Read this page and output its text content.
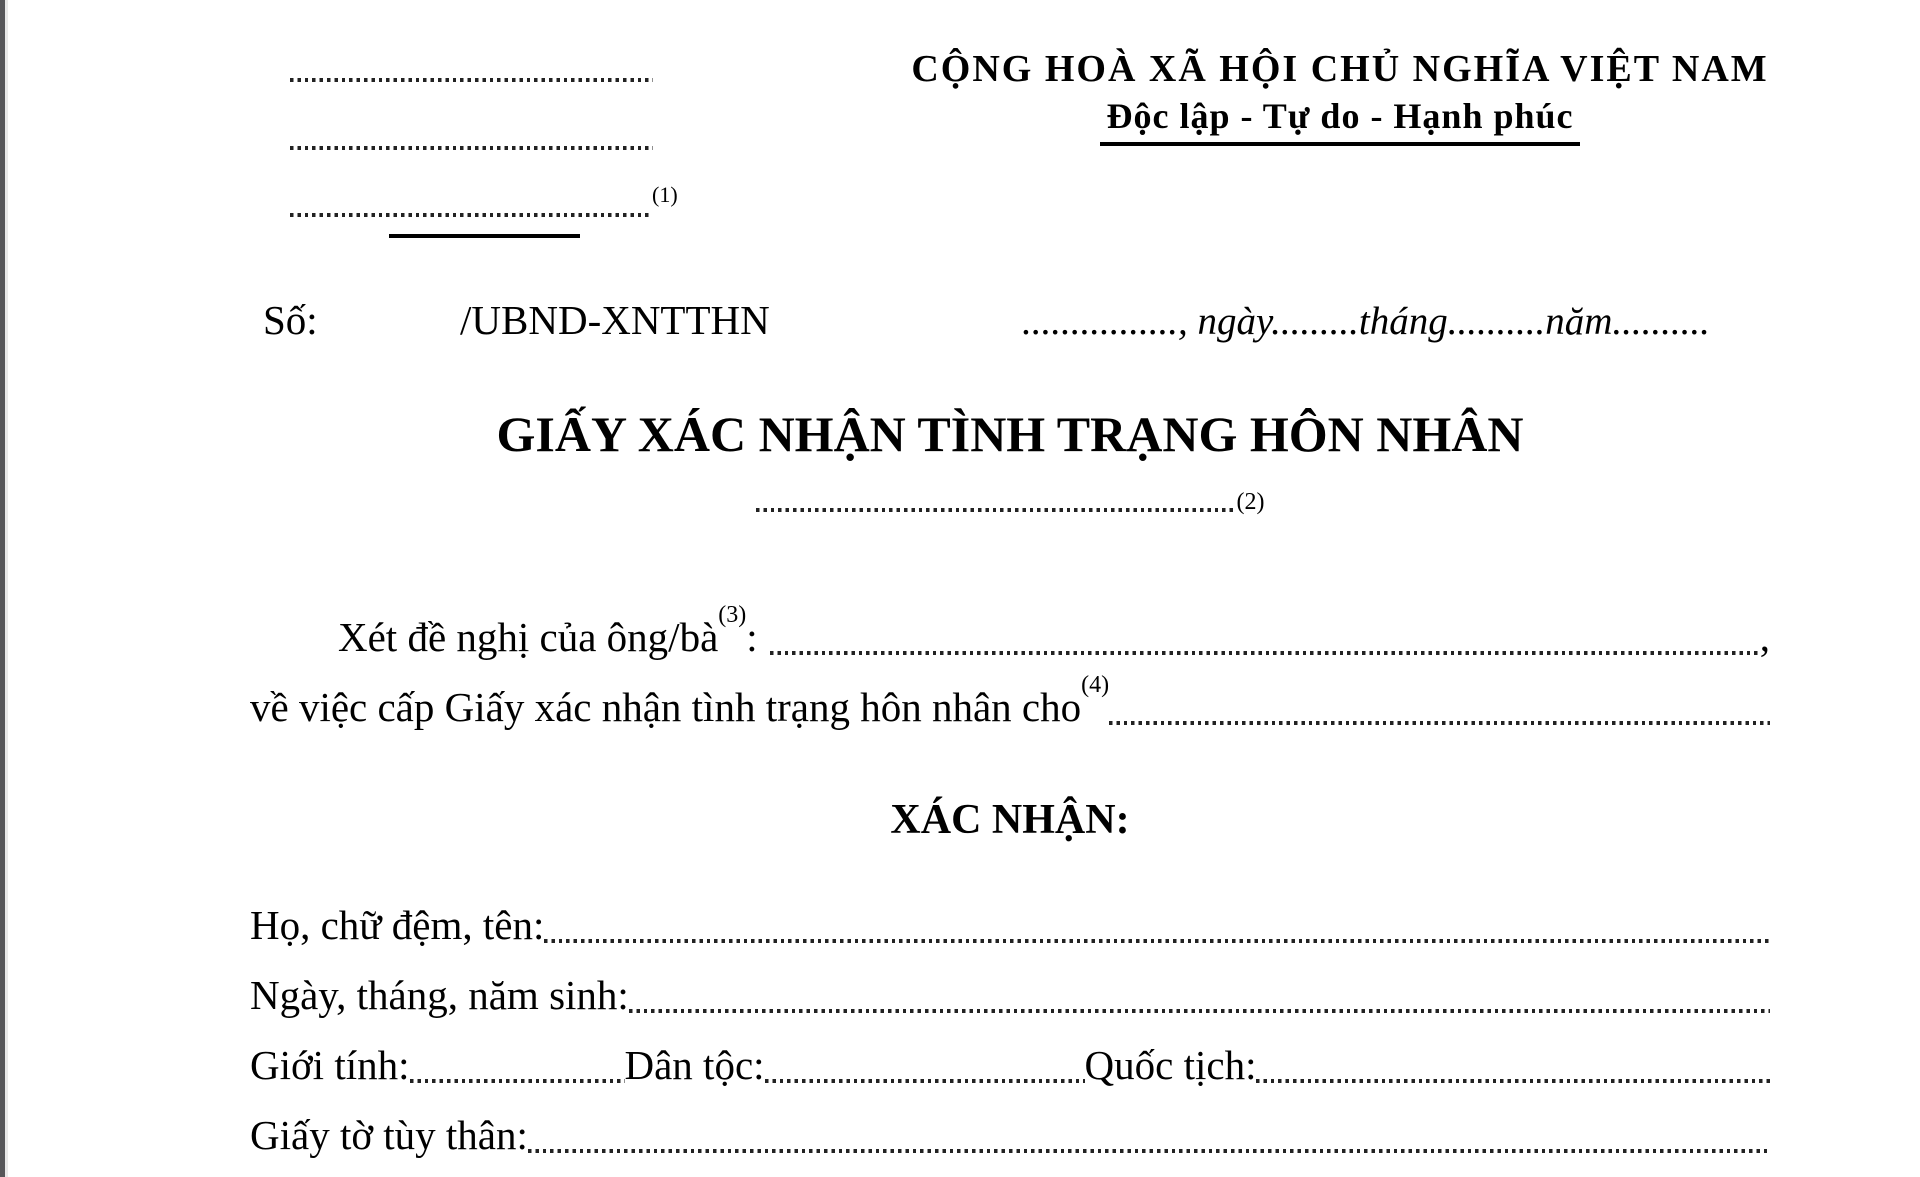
(1)
CỘNG HOÀ XÃ HỘI CHỦ NGHĨA VIỆT NAM
Độc lập - Tự do - Hạnh phúc
Số:	/UBND-XNTTHN	................, ngày.........tháng..........năm..........
GIẤY XÁC NHẬN TÌNH TRẠNG HÔN NHÂN
(2)
Xét đề nghị của ông/bà$^{(3)}$:	,
về việc cấp Giấy xác nhận tình trạng hôn nhân cho$^{(4)}$
XÁC NHẬN:
Họ, chữ đệm, tên:
Ngày, tháng, năm sinh:
Giới tính:	Dân tộc:	Quốc tịch:
Giấy tờ tùy thân:
